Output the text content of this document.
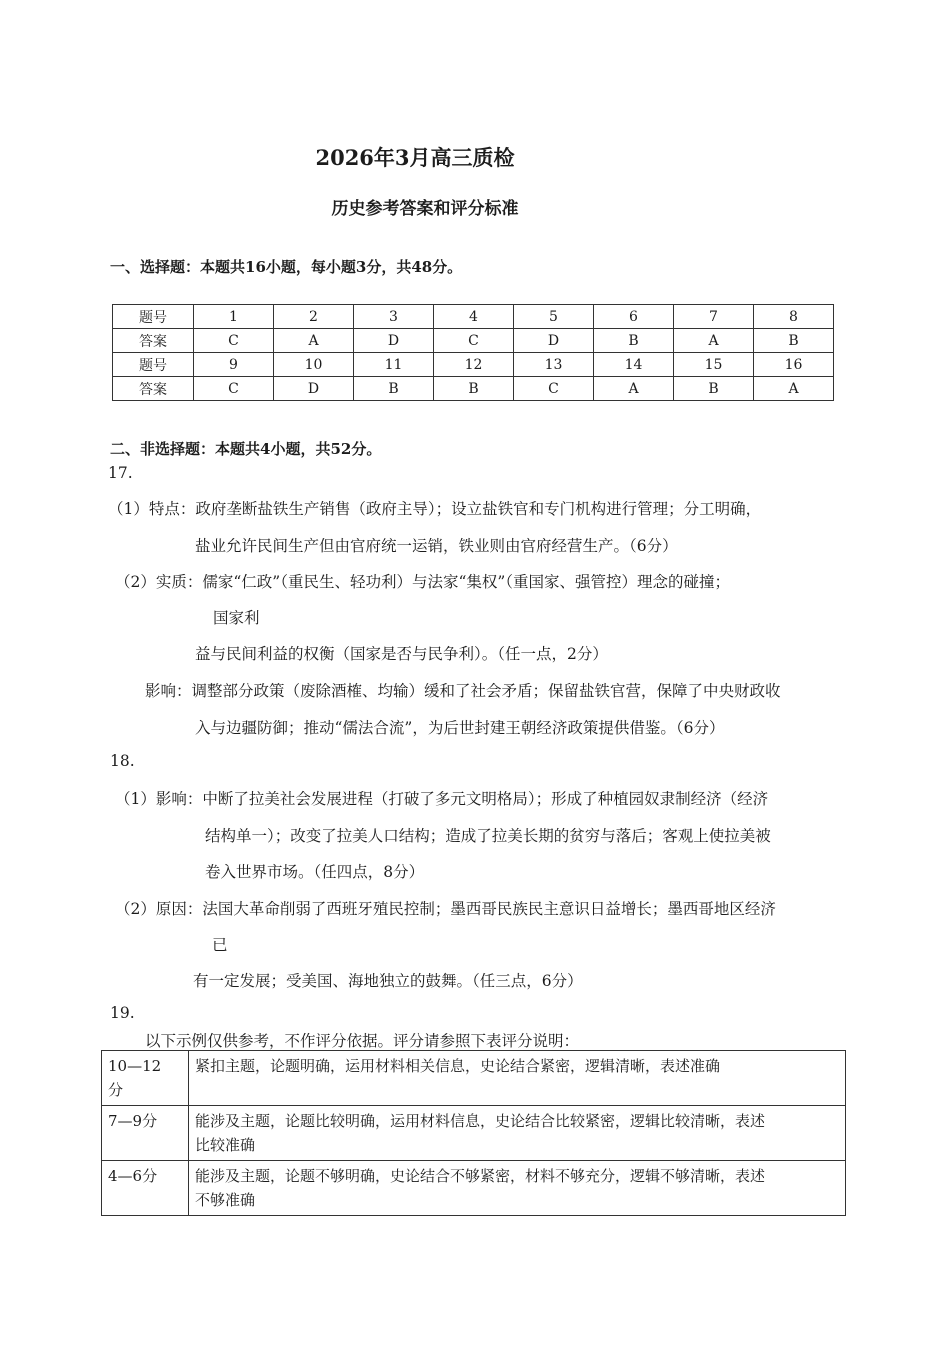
2026年3月高三质检
历史参考答案和评分标准
一、选择题：本题共16小题，每小题3分，共48分。
题号	1	2	3	4	5	6	7	8
答案	C	A	D	C	D	B	A	B
题号	9	10	11	12	13	14	15	16
答案	C	D	B	B	C	A	B	A
二、非选择题：本题共4小题，共52分。
17.
（1）特点：政府垄断盐铁生产销售（政府主导）；设立盐铁官和专门机构进行管理；分工明确，
盐业允许民间生产但由官府统一运销，铁业则由官府经营生产。（6分）
（2）实质：儒家“仁政”（重民生、轻功利）与法家“集权”（重国家、强管控）理念的碰撞；
国家利
益与民间利益的权衡（国家是否与民争利）。（任一点，2分）
影响：调整部分政策（废除酒榷、均输）缓和了社会矛盾；保留盐铁官营，保障了中央财政收
入与边疆防御；推动“儒法合流”，为后世封建王朝经济政策提供借鉴。（6分）
18.
（1）影响：中断了拉美社会发展进程（打破了多元文明格局）；形成了种植园奴隶制经济（经济
结构单一）；改变了拉美人口结构；造成了拉美长期的贫穷与落后；客观上使拉美被
卷入世界市场。（任四点，8分）
（2）原因：法国大革命削弱了西班牙殖民控制；墨西哥民族民主意识日益增长；墨西哥地区经济
已
有一定发展；受美国、海地独立的鼓舞。（任三点，6分）
19.
以下示例仅供参考，不作评分依据。评分请参照下表评分说明：
10—12
分	紧扣主题，论题明确，运用材料相关信息，史论结合紧密，逻辑清晰，表述准确

7—9分	能涉及主题，论题比较明确，运用材料信息，史论结合比较紧密，逻辑比较清晰，表述
比较准确

4—6分	能涉及主题，论题不够明确，史论结合不够紧密，材料不够充分，逻辑不够清晰，表述
不够准确
